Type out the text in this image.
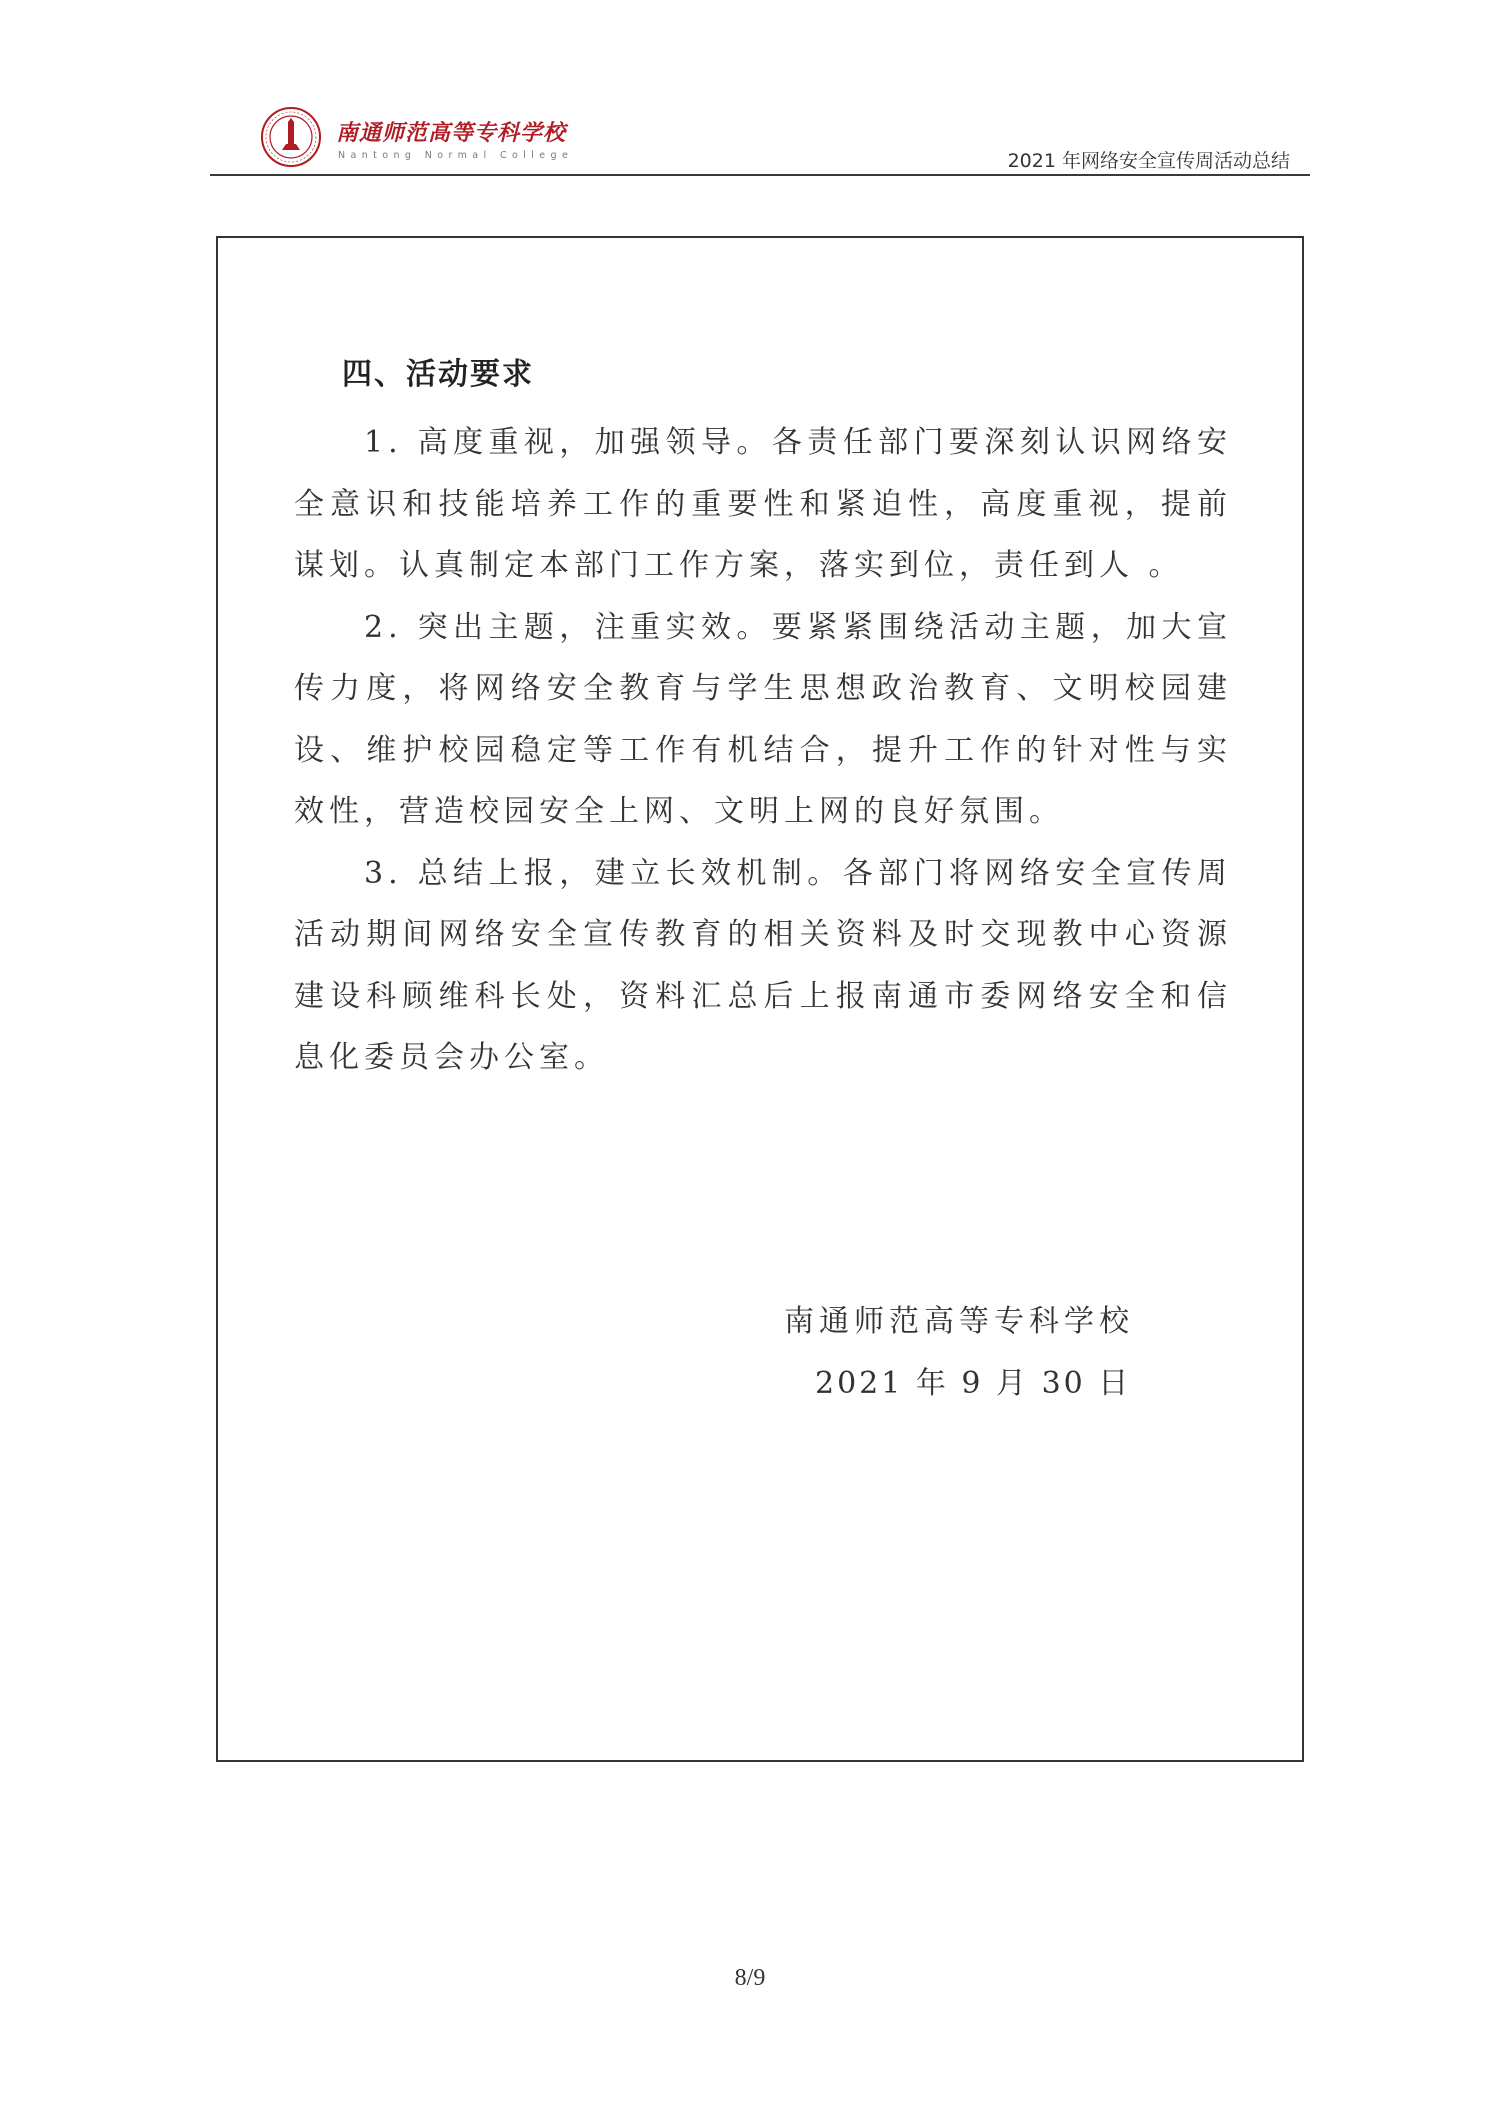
南通师范高等专科学校
Nantong Normal College	2021 年网络安全宣传周活动总结
四、活动要求

1. 高度重视，加强领导。各责任部门要深刻认识网络安全意识和技能培养工作的重要性和紧迫性，高度重视，提前谋划。认真制定本部门工作方案，落实到位，责任到人 。

2. 突出主题，注重实效。要紧紧围绕活动主题，加大宣传力度，将网络安全教育与学生思想政治教育、文明校园建设、维护校园稳定等工作有机结合，提升工作的针对性与实效性，营造校园安全上网、文明上网的良好氛围。

3. 总结上报，建立长效机制。各部门将网络安全宣传周活动期间网络安全宣传教育的相关资料及时交现教中心资源建设科顾维科长处，资料汇总后上报南通市委网络安全和信息化委员会办公室。

南通师范高等专科学校
2021 年 9 月 30 日
8/9
